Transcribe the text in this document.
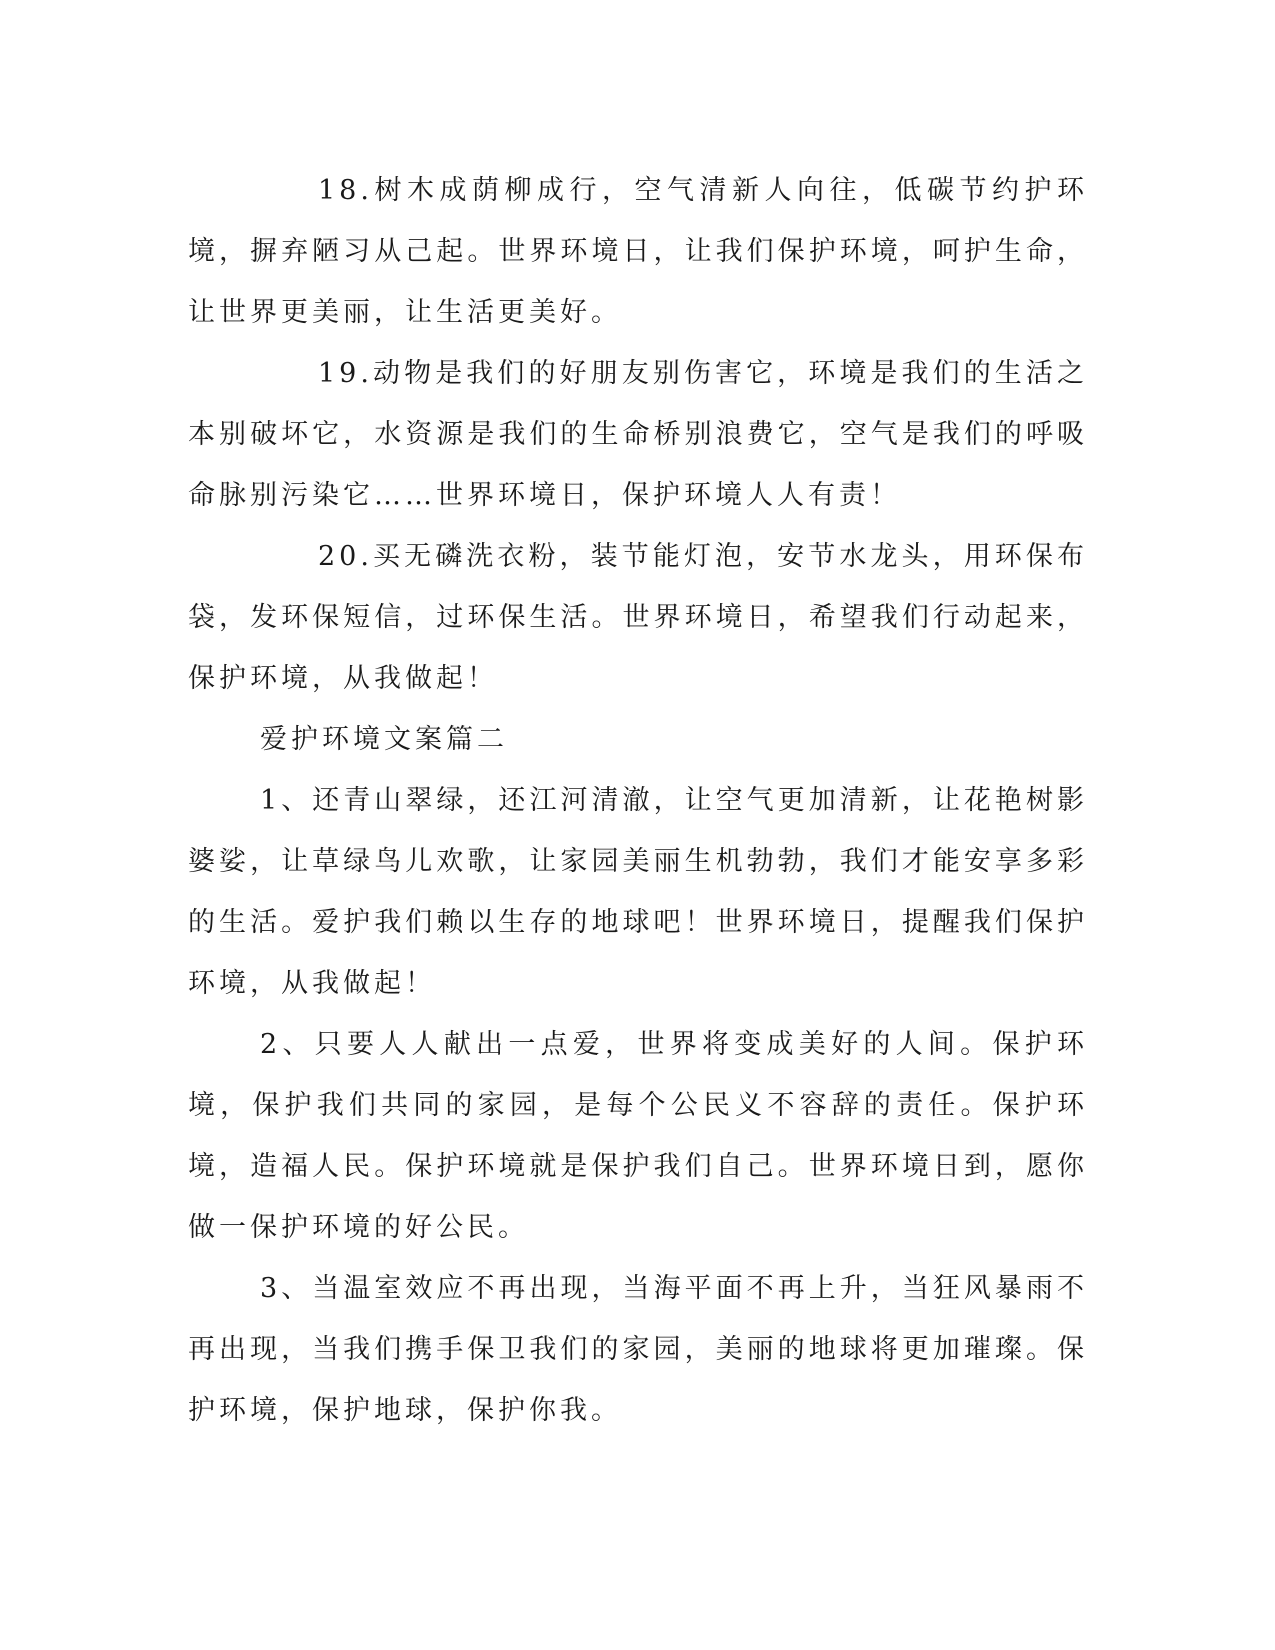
18.树木成荫柳成行，空气清新人向往，低碳节约护环境，摒弃陋习从己起。世界环境日，让我们保护环境，呵护生命，让世界更美丽，让生活更美好。

19.动物是我们的好朋友别伤害它，环境是我们的生活之本别破坏它，水资源是我们的生命桥别浪费它，空气是我们的呼吸命脉别污染它……世界环境日，保护环境人人有责！

20.买无磷洗衣粉，装节能灯泡，安节水龙头，用环保布袋，发环保短信，过环保生活。世界环境日，希望我们行动起来，保护环境，从我做起！

爱护环境文案篇二

1、还青山翠绿，还江河清澈，让空气更加清新，让花艳树影婆娑，让草绿鸟儿欢歌，让家园美丽生机勃勃，我们才能安享多彩的生活。爱护我们赖以生存的地球吧！世界环境日，提醒我们保护环境，从我做起！

2、只要人人献出一点爱，世界将变成美好的人间。保护环境，保护我们共同的家园，是每个公民义不容辞的责任。保护环境，造福人民。保护环境就是保护我们自己。世界环境日到，愿你做一保护环境的好公民。

3、当温室效应不再出现，当海平面不再上升，当狂风暴雨不再出现，当我们携手保卫我们的家园，美丽的地球将更加璀璨。保护环境，保护地球，保护你我。
